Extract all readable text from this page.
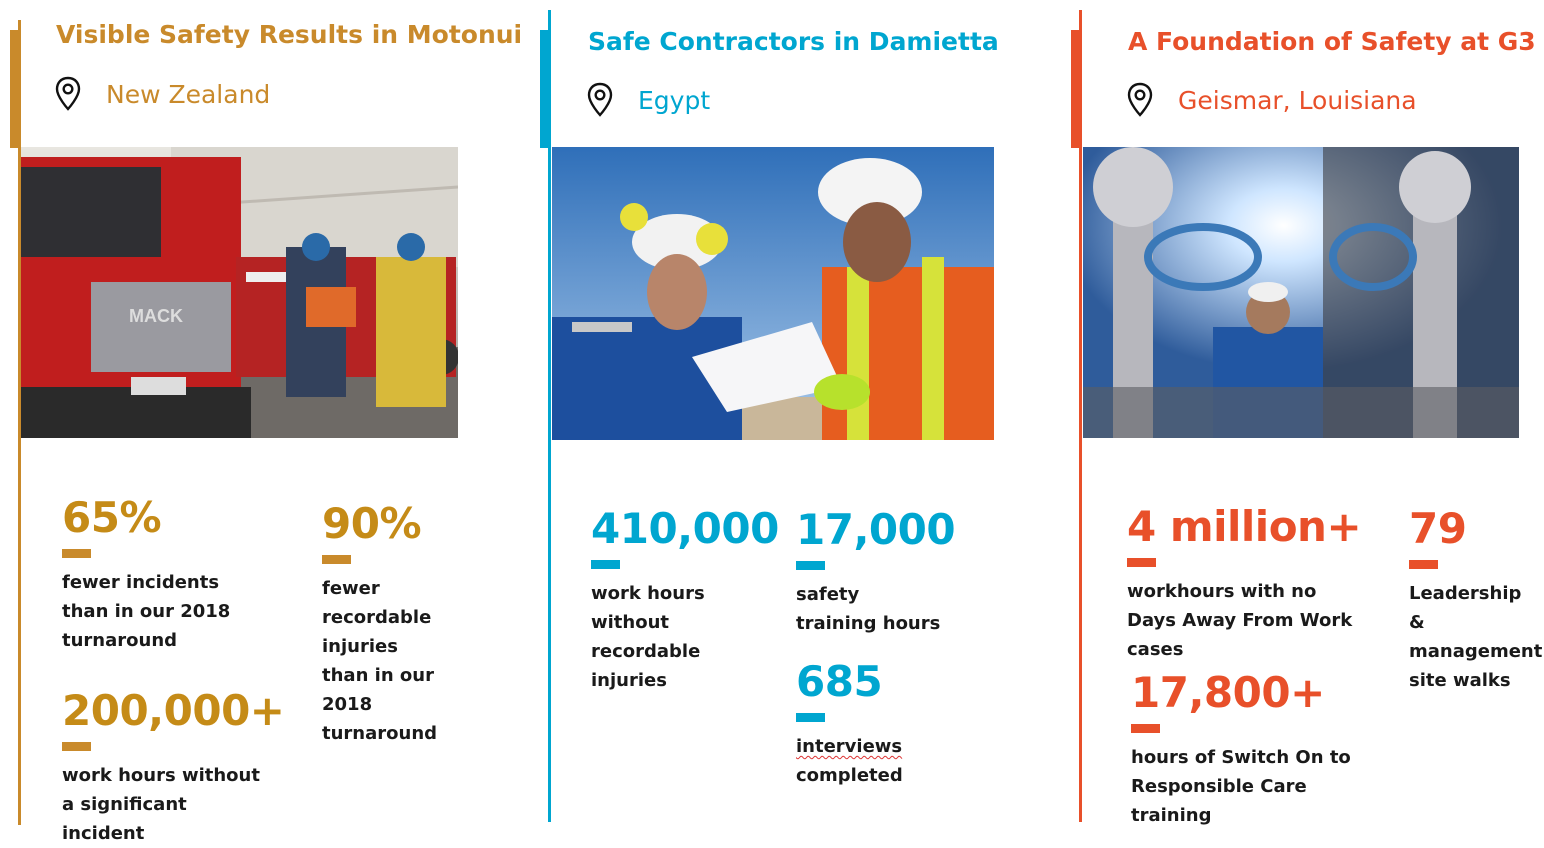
Visible Safety Results in Motonui
New Zealand
MACK
65%
fewer incidents than in our 2018 turnaround
90%
fewer recordable injuries than in our 2018 turnaround
200,000+
work hours without a significant incident
Safe Contractors in Damietta
Egypt
410,000
work hours without recordable injuries
17,000
safety training hours
685
interviews
completed
A Foundation of Safety at G3
Geismar, Louisiana
4 million+
workhours with no Days Away From Work cases
79
Leadership & management site walks
17,800+
hours of Switch On to Responsible Care training
